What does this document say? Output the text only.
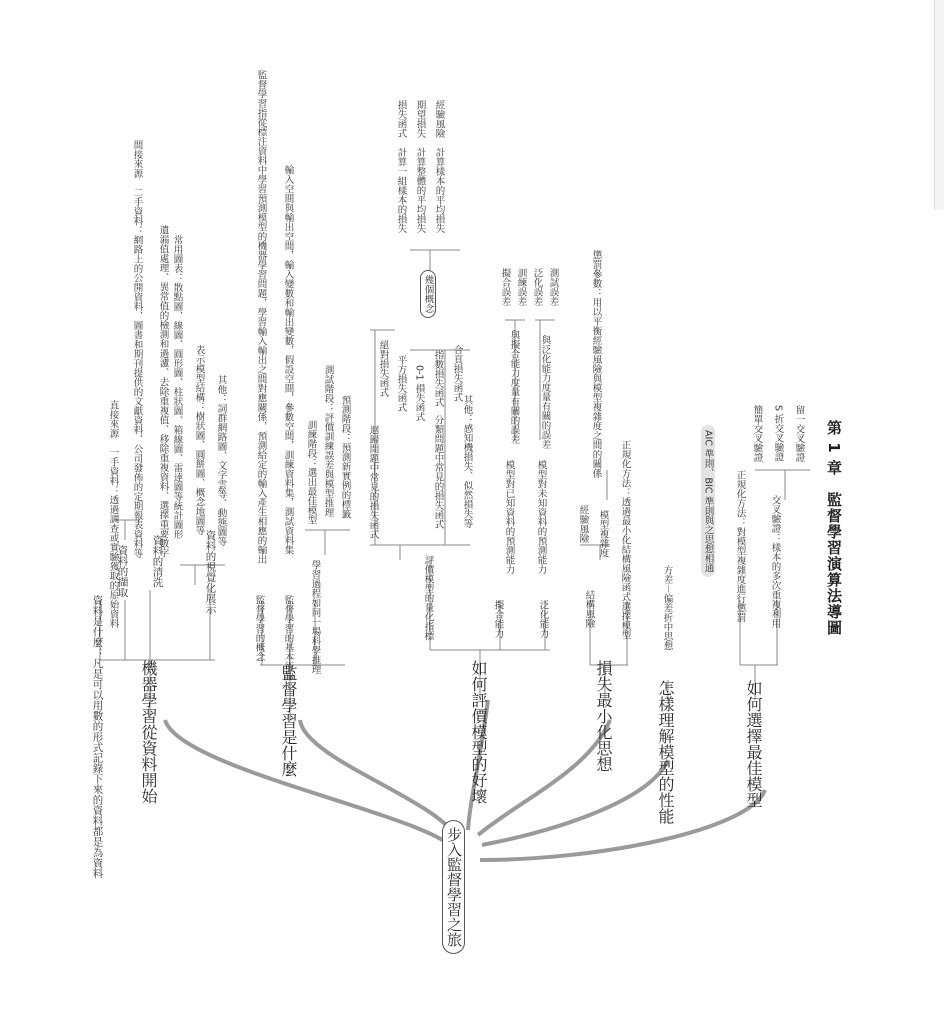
步入監督學習之旅
機器學習從資料開始
資料是什麼：凡是可以用數的形式記錄下來的資料都是為資料
資料的擷取
直接來源　一手資料：透過調查或實驗獲取的原始資料 間接來源　二手資料：網路上的公開資料、圖書和期刊提供的文獻資料、公司發佈的定期報表資料等
資料的清洗
遺漏值處理、異常值的檢測和過濾、去除重複值、移除重複資料、選擇重要數字
資料的視覺化展示
常用圖表：散點圖、線圖、圓形圖、柱狀圖、箱線圖、雷達圖等統計圖形 表示模型結構：樹狀圖、圓餅圖、概念地圖等 其他：詞群網路圖、文字雲等、動態圖等
監督學習是什麼
監督學習的概念
監督學習指從標注資料中學習預測模型的機器學習問題，學習輸入輸出之間對應關係，預測給定的輸入產生相應的輸出
監督學習的基本術語
輸入空間與輸出空間，輸入變數和輸出變數，假設空間，參數空間，訓練資料集，測試資料集
學習過程如同一場科學推理
訓練階段：選出最佳模型 測試階段：評價訓練誤差與模型推理 預測階段：預測新實例的標籤
如何評價模型的好壞
評價模型的量化指標
迴歸問題中常見的損失函式	分類問題中常見的損失函式 其他：感知機損失、似然損失等
絕對損失函式 平方損失函式 0-1 損失函式 指數損失函式 合頁損失函式
擬合能力
模型對已知資料的預測能力
與擬合能力度量有關的誤差
泛化能力
模型對未知資料的預測能力
與泛化能力度量有關的誤差
幾個概念
損失函式　計算一組樣本的損失 期望損失　計算整體的平均損失 經驗風險　計算樣本的平均損失
擬合誤差 訓練誤差 泛化誤差 測試誤差
損失最小化思想
結構風險
經驗風險 模型複雜度 正規化方法：透過最小化結構風險函式選擇模型
懲罰參數：用以平衡經驗風險與模型複雜度之間的關係
怎樣理解模型的性能
方差－偏差折中思想
如何選擇最佳模型
正規化方法：對模型複雜度進行懲罰
AIC 準則、BIC 準則與之思想相通	交叉驗證：樣本的多次重複利用
簡單交叉驗證 S 折交叉驗證 留一交叉驗證 第 1 章　監督學習演算法導圖
